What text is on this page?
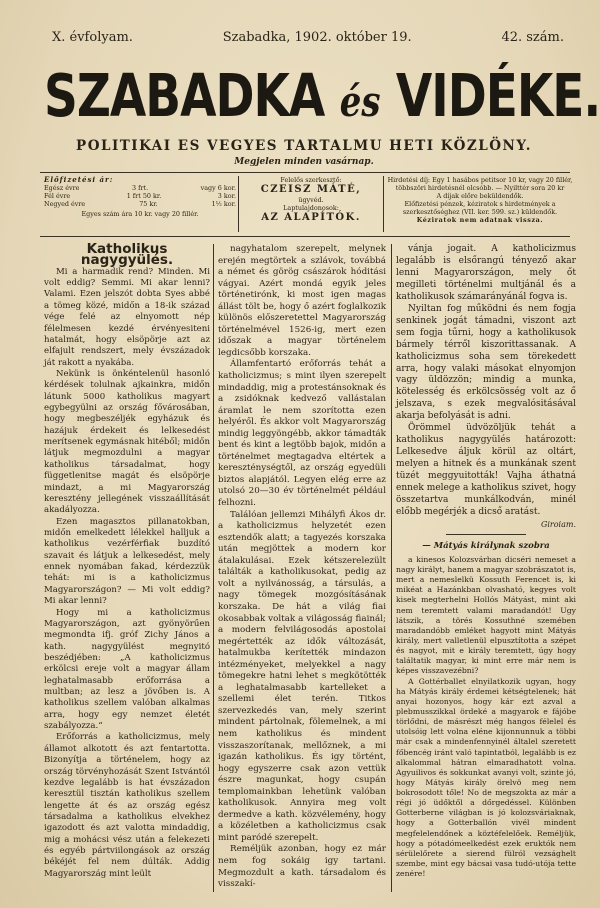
X. évfolyam.	Szabadka, 1902. október 19.	42. szám.
SZABADKA és VIDÉKE.
POLITIKAI ES VEGYES TARTALMU HETI KÖZLÖNY.
Megjelen minden vasárnap.
Előfizetési ár:
Egész évre	3 frt.	vagy 6 kor.
Fél évre	1 frt 50 kr.	3 kor.
Negyed évre	75 kr.	1½ kor.
Egyes szám ára 10 kr. vagy 20 fillér.
Felelős szerkesztő:
CZEISZ MÁTÉ,
ügyvéd.
Laptulajdonosok:
AZ ALAPÍTÓK.
Hirdetési díj: Egy 1 hasábos petitsor 10 kr, vagy 20 fillér, többszöri hirdetésnél olcsóbb. — Nyilttér sora 20 kr
A díjak előre beküldendők.
Előfizetési pénzek, kéziratok s hirdetmények a szerkesztőséghez (VII. ker. 599. sz.) küldendők.
Kéziratok nem adatnak vissza.

Katholikus nagygyülés.

Mi a harmadik rend? Minden. Mi volt eddig? Semmi. Mi akar lenni? Valami. Ezen jelszót dobta Syes abbé a tömeg közé, midőn a 18-ik század vége felé az elnyomott nép félelmesen kezdé érvényesiteni hatalmát, hogy elsöpörje azt az elfajult rendszert, mely évszázadok ját rakott a nyakába.

Nekünk is önkéntelenül hasonló kérdések tolulnak ajkainkra, midőn látunk 5000 katholikus magyart egybegyülni az ország fővárosában, hogy megbeszéljék egyházuk és hazájuk érdekeit és lelkesedést merítsenek egymásnak hitéből; midőn látjuk megmozdulni a magyar katholikus társadalmat, hogy függetlenitse magát és elsöpörje mindazt, a mi Magyarország keresztény jellegének visszaállítását akadályozza.

Ezen magasztos pillanatokban, midőn emelkedett lélekkel halljuk a katholikus vezérférfiak buzdító szavait és látjuk a lelkesedést, mely ennek nyomában fakad, kérdezzük tehát: mi is a katholicizmus Magyarországon? — Mi volt eddig? Mi akar lenni?

Hogy mi a katholicizmus Magyarországon, azt gyönyörűen megmondta ifj. gróf Zichy János a kath. nagygyülést megnyitó beszédjében: „A katholicizmus erkölcsi ereje volt a magyar állam leghatalmasabb erőforrása a multban; az lesz a jövőben is. A katholikus szellem valóban alkalmas arra, hogy egy nemzet életét szabályozza.“

Erőforrás a katholicizmus, mely államot alkotott és azt fentartotta. Bizonyítja a történelem, hogy az ország törvényhozását Szent Istvántól kezdve legalább is hat évszázadon keresztül tisztán katholikus szellem lengette át és az ország egész társadalma a katholikus elvekhez igazodott és azt valotta mindaddig, mig a mohácsi vész után a felekezeti és egyéb pártviilongások az ország békéjét fel nem dúlták. Addig Magyarország mint leült

nagyhatalom szerepelt, melynek erején megtörtek a szlávok, továbbá a német és görög császárok hóditási vágyai. Azért mondá egyik jeles történetirónk, ki most igen magas állást tölt be, hogy ő azért foglalkozik különös előszeretettel Magyarország történelmével 1526-ig, mert ezen időszak a magyar történelem legdicsőbb korszaka.

Államfentartó erőforrás tehát a katholicizmus; s mint ilyen szerepelt mindaddig, mig a protestánsoknak és a zsidóknak kedvező vallástalan áramlat le nem szorította ezen helyéről. És akkor volt Magyarország mindig leggyöngébb, akkor támadták bent és kint a legtöbb bajok, midőn a történelmet megtagadva eltértek a kereszténységtől, az ország egyedüli biztos alapjától. Legyen elég erre az utolsó 20—30 év történelmét például felhozni.

Találóan jellemzi Mihályfi Ákos dr. a katholicizmus helyzetét ezen esztendők alatt; a tagyezés korszaka után megjöttek a modern kor átalakulásai. Ezek kétszerelezült találták a katholikusokat, pedig az volt a nyilvánosság, a társulás, a nagy tömegek mozgósításának korszaka. De hát a világ fiai okosabbak voltak a világosság fiainál; a modern felvilágosodás apostolai megértették az idők változását, hatalmukba kerítették mindazon intézményeket, melyekkel a nagy tömegekre hatni lehet s megkötötték a leghatalmasabb kartelleket a szellemi élet terén. Titkos szervezkedés van, mely szerint mindent pártolnak, fölemelnek, a mi nem katholikus és mindent visszaszorítanak, mellőznek, a mi igazán katholikus. És igy történt, hogy egyszerre csak azon vettük észre magunkat, hogy csupán templomainkban lehetünk valóban katholikusok. Annyira meg volt dermedve a kath. közvélemény, hogy a közéletben a katholicizmus csak mint paródé szerepelt.

Reméljük azonban, hogy ez már nem fog sokáig igy tartani. Megmozdult a kath. társadalom és visszakí-

vánja jogait. A katholicizmus legalább is elsőrangú tényező akar lenni Magyarországon, mely őt megilleti történelmi multjánál és a katholikusok számarányánál fogva is.

Nyiltan fog működni és nem fogja senkinek jogát támadni, viszont azt sem fogja tűrni, hogy a katholikusok bármely térről kiszorittassanak. A katholicizmus soha sem törekedett arra, hogy valaki másokat elnyomjon vagy üldözzön; mindig a munka, kötelesség és erkölcsösség volt az ő jelszava, s ezek megvalósitásával akarja befolyását is adni.

Örömmel üdvözöljük tehát a katholikus nagygyülés határozott: Lelkesedve áljuk körül az oltárt, melyen a hitnek és a munkának szent tüzét meggyuitották! Vajha áthatná ennek melege a katholikus szivet, hogy összetartva munkálkodván, minél előbb megérjék a dicső aratást.

Giroiam.
— Mátyás királynak szobra

a kinesos Kolozsvárban dicséri nemeset a nagy királyt, hanem a magyar szobrászatot is, mert a nemeslelkü Kossuth Ferencet is, ki mikéat a Hazánkban olvasható, kegyes volt kisek megterhelni Hollós Mátyást, mint aki nem teremtett valami maradandót! Ugy látszik, a törés Kossuthné szemében maradandóbb emléket hagyott mint Mátyás király, mert valletlenül elpusztította a szépet és nagyot, mit e király teremtett, úgy hogy találtatik magyar, ki mint erre már nem is képes visszavezébni?

A Gottérballet elnyilatkozik ugyan, hogy ha Mátyás király érdemei kétségtelenek; hát anyai hozonyos, hogy kár ezt azval a plebmusszikkal ördeké a magyarok e fájóbe törlődni, de másrészt még hangos félelel és utolsóig lett volna eléne kijonnunnuk a többi már csak a mindenfennyinél általel szeretett főbencég iránt való tapintatból, legalább is ez alkalommal hátran elmaradhatott volna. Agyuilivos és sokkunkat avanyi volt, szinte jó, hogy Mátyás király örelvö meg nem bokrosodott tőle! No de megszokta az már a régi jó üdőktől a dőrgedéssel. Különben Gotterberne világban is jó kolozsváriaknak, hogy a Gotterballón vivél mindent megfelelendőnek a köztéfelelőek. Reméljük, hogy a pótadómeelkedést ezek eruktók nem sérülelőrete a sierend fülról vezsághelt szembe, mint egy bácsai vasa tudó-utója tette zenére!
